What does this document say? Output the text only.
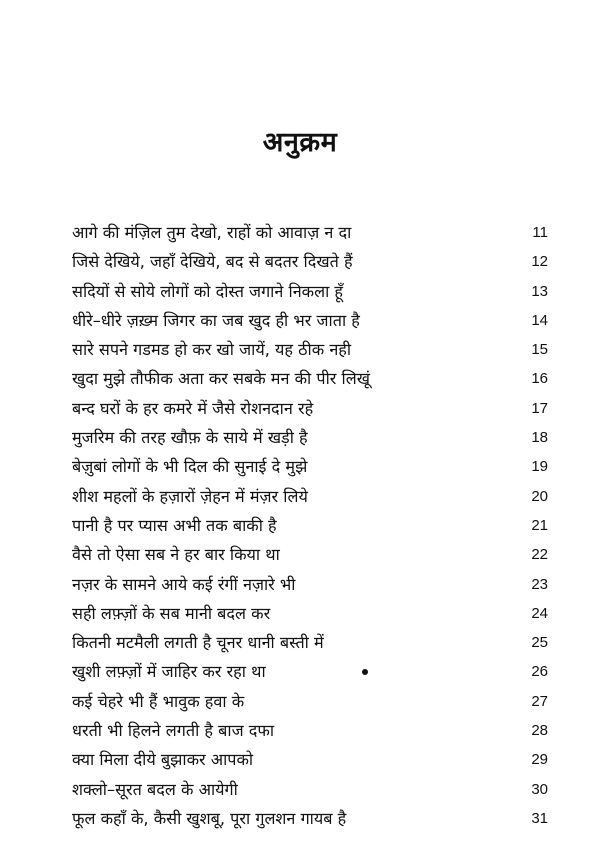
अनुक्रम
आगे की मंज़िल तुम देखो, राहों को आवाज़ न दा	11
जिसे देखिये, जहाँ देखिये, बद से बदतर दिखते हैं	12
सदियों से सोये लोगों को दोस्त जगाने निकला हूँ	13
धीरे–धीरे ज़ख़्म जिगर का जब खुद ही भर जाता है	14
सारे सपने गडमड हो कर खो जायें, यह ठीक नही	15
खुदा मुझे तौफीक अता कर सबके मन की पीर लिखूं	16
बन्द घरों के हर कमरे में जैसे रोशनदान रहे	17
मुजरिम की तरह खौफ़ के साये में खड़ी है	18
बेज़ुबां लोगों के भी दिल की सुनाई दे मुझे	19
शीश महलों के हज़ारों ज़ेहन में मंज़र लिये	20
पानी है पर प्यास अभी तक बाकी है	21
वैसे तो ऐसा सब ने हर बार किया था	22
नज़र के सामने आये कई रंगीं नज़ारे भी	23
सही लफ़्ज़ों के सब मानी बदल कर	24
कितनी मटमैली लगती है चूनर धानी बस्ती में	25
खुशी लफ़्ज़ों में जाहिर कर रहा था	26
कई चेहरे भी हैं भावुक हवा के	27
धरती भी हिलने लगती है बाज दफा	28
क्या मिला दीये बुझाकर आपको	29
शक्लो–सूरत बदल के आयेगी	30
फूल कहाँ के, कैसी खुशबू, पूरा गुलशन गायब है	31
